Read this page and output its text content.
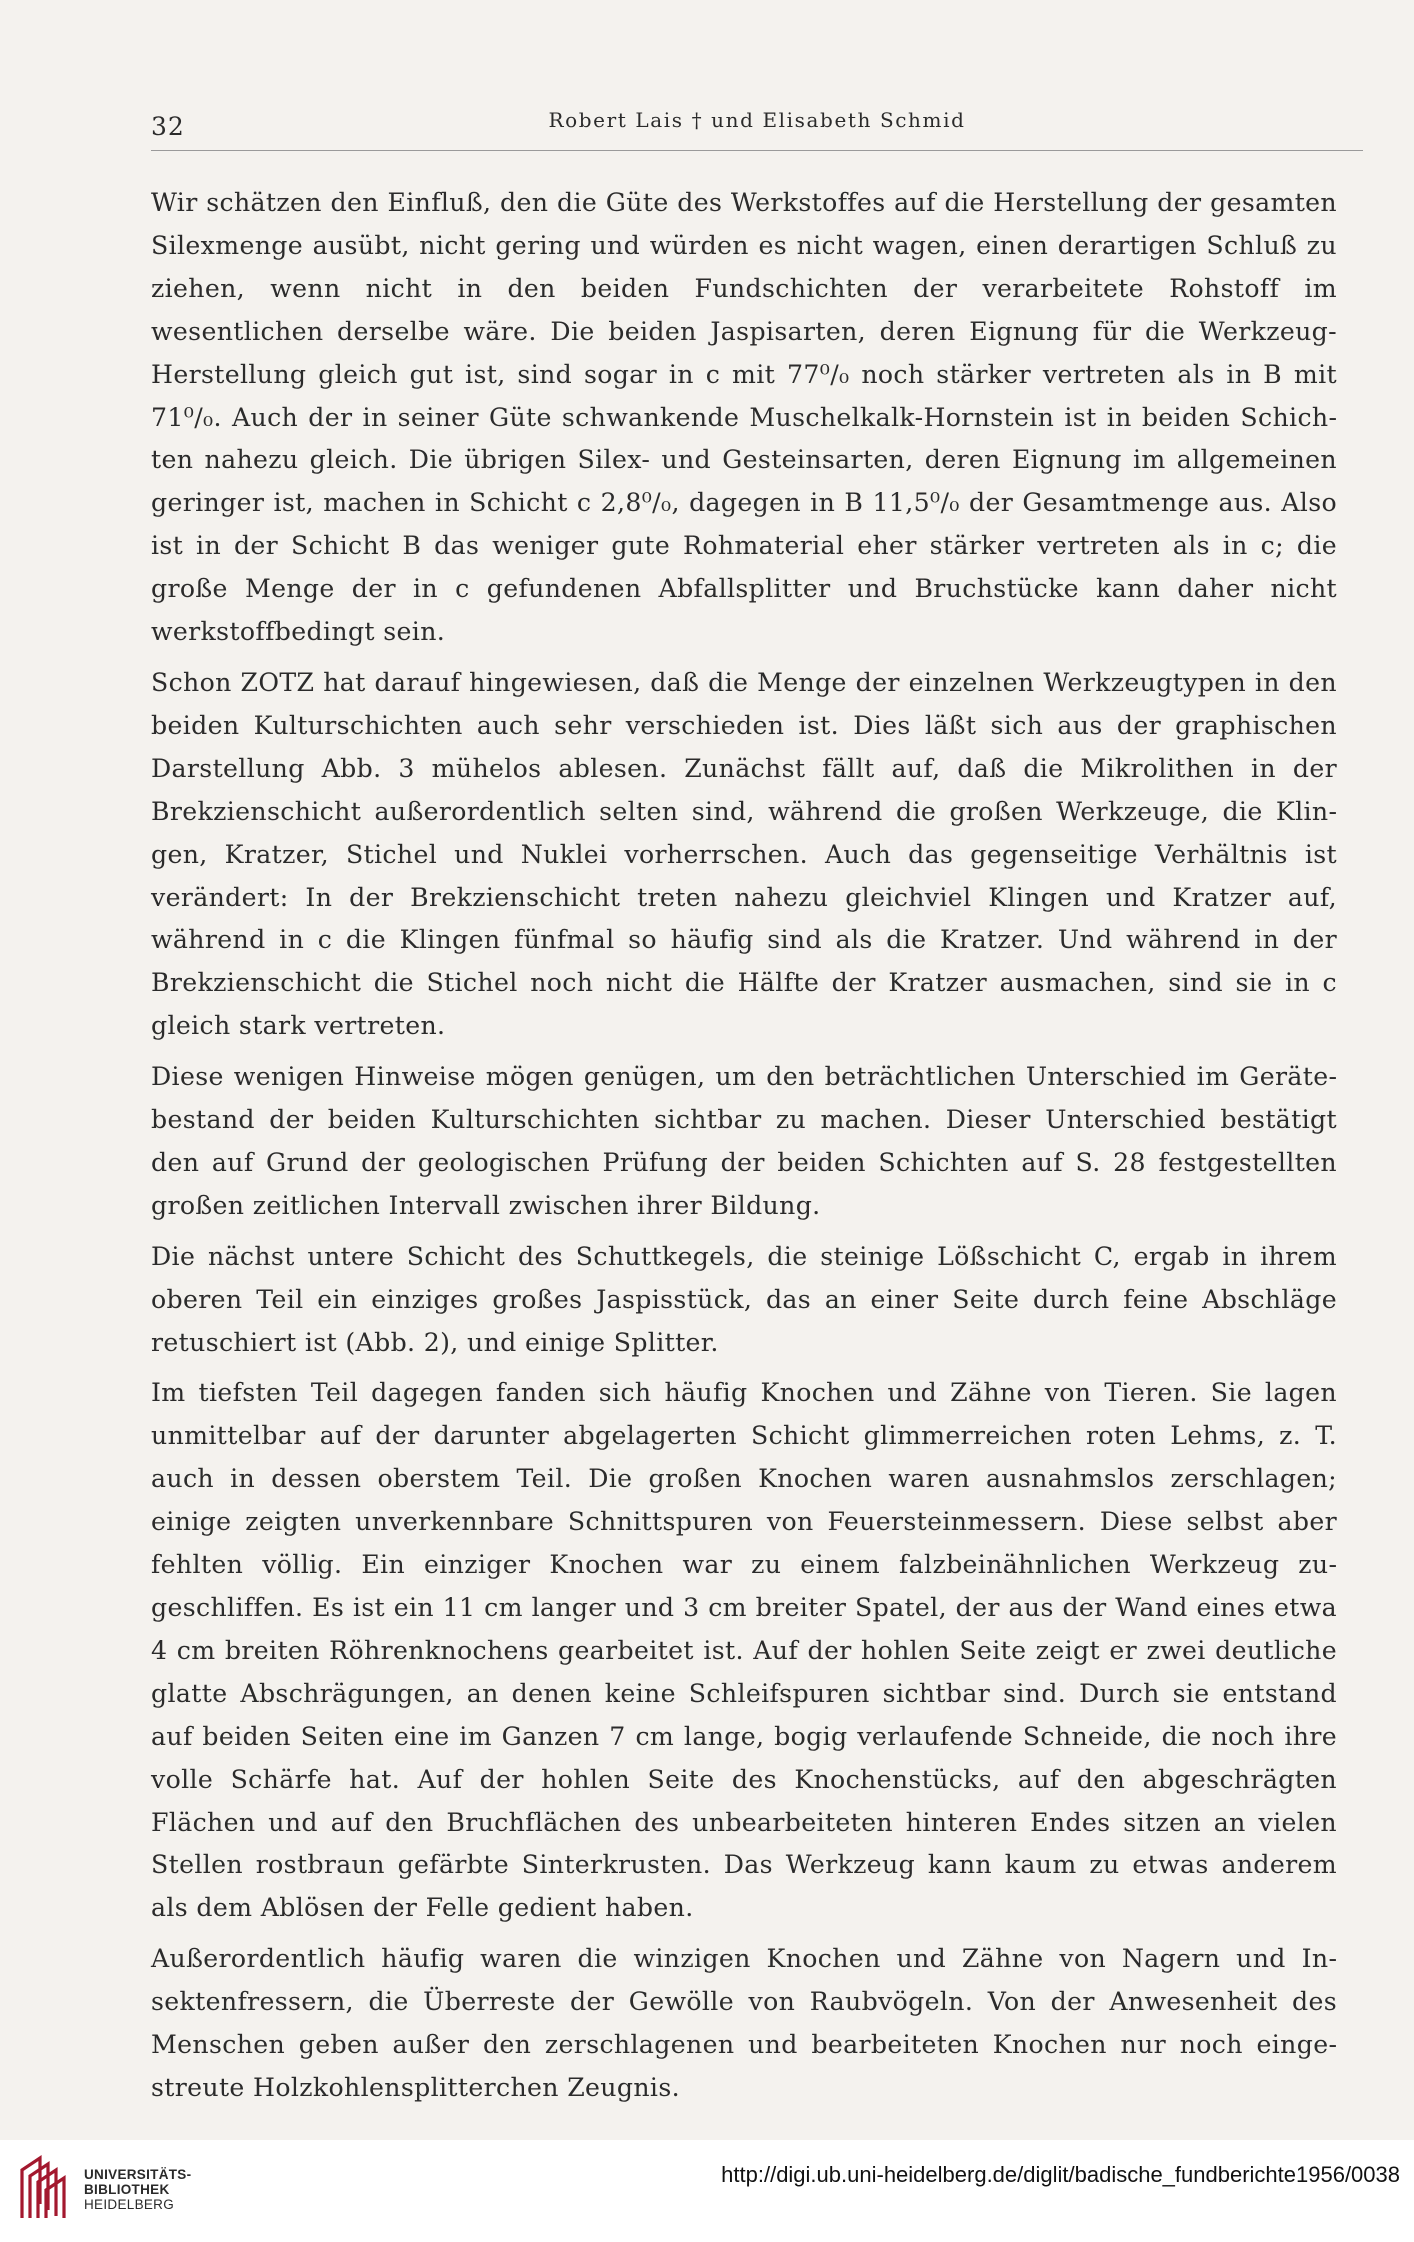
32	Robert Lais † und Elisabeth Schmid

Wir schätzen den Einfluß, den die Güte des Werkstoffes auf die Herstellung der gesamten Silexmenge ausübt, nicht gering und würden es nicht wagen, einen derartigen Schluß zu ziehen, wenn nicht in den beiden Fundschichten der verarbeitete Rohstoff im wesentlichen derselbe wäre. Die beiden Jaspisarten, deren Eignung für die Werkzeug-Herstellung gleich gut ist, sind sogar in c mit 77⁰/₀ noch stärker vertreten als in B mit 71⁰/₀. Auch der in seiner Güte schwankende Muschelkalk-Hornstein ist in beiden Schichten nahezu gleich. Die übrigen Silex- und Gesteinsarten, deren Eignung im allgemeinen geringer ist, machen in Schicht c 2,8⁰/₀, dagegen in B 11,5⁰/₀ der Gesamtmenge aus. Also ist in der Schicht B das weniger gute Rohmaterial eher stärker vertreten als in c; die große Menge der in c gefundenen Abfallsplitter und Bruchstücke kann daher nicht werkstoffbedingt sein.

Schon ZOTZ hat darauf hingewiesen, daß die Menge der einzelnen Werkzeugtypen in den beiden Kulturschichten auch sehr verschieden ist. Dies läßt sich aus der graphischen Darstellung Abb. 3 mühelos ablesen. Zunächst fällt auf, daß die Mikrolithen in der Brekzienschicht außerordentlich selten sind, während die großen Werkzeuge, die Klingen, Kratzer, Stichel und Nuklei vorherrschen. Auch das gegenseitige Verhältnis ist verändert: In der Brekzienschicht treten nahezu gleichviel Klingen und Kratzer auf, während in c die Klingen fünfmal so häufig sind als die Kratzer. Und während in der Brekzienschicht die Stichel noch nicht die Hälfte der Kratzer ausmachen, sind sie in c gleich stark vertreten.

Diese wenigen Hinweise mögen genügen, um den beträchtlichen Unterschied im Gerätebestand der beiden Kulturschichten sichtbar zu machen. Dieser Unterschied bestätigt den auf Grund der geologischen Prüfung der beiden Schichten auf S. 28 festgestellten großen zeitlichen Intervall zwischen ihrer Bildung.

Die nächst untere Schicht des Schuttkegels, die steinige Lößschicht C, ergab in ihrem oberen Teil ein einziges großes Jaspisstück, das an einer Seite durch feine Abschläge retuschiert ist (Abb. 2), und einige Splitter.

Im tiefsten Teil dagegen fanden sich häufig Knochen und Zähne von Tieren. Sie lagen unmittelbar auf der darunter abgelagerten Schicht glimmerreichen roten Lehms, z. T. auch in dessen oberstem Teil. Die großen Knochen waren ausnahmslos zerschlagen; einige zeigten unverkennbare Schnittspuren von Feuersteinmessern. Diese selbst aber fehlten völlig. Ein einziger Knochen war zu einem falzbeinähnlichen Werkzeug zugeschliffen. Es ist ein 11 cm langer und 3 cm breiter Spatel, der aus der Wand eines etwa 4 cm breiten Röhrenknochens gearbeitet ist. Auf der hohlen Seite zeigt er zwei deutliche glatte Abschrägungen, an denen keine Schleifspuren sichtbar sind. Durch sie entstand auf beiden Seiten eine im Ganzen 7 cm lange, bogig verlaufende Schneide, die noch ihre volle Schärfe hat. Auf der hohlen Seite des Knochenstücks, auf den abgeschrägten Flächen und auf den Bruchflächen des unbearbeiteten hinteren Endes sitzen an vielen Stellen rostbraun gefärbte Sinterkrusten. Das Werkzeug kann kaum zu etwas anderem als dem Ablösen der Felle gedient haben.

Außerordentlich häufig waren die winzigen Knochen und Zähne von Nagern und Insektenfressern, die Überreste der Gewölle von Raubvögeln. Von der Anwesenheit des Menschen geben außer den zerschlagenen und bearbeiteten Knochen nur noch eingestreute Holzkohlensplitterchen Zeugnis.

UNIVERSITÄTS-
BIBLIOTHEK
HEIDELBERG
http://digi.ub.uni-heidelberg.de/diglit/badische_fundberichte1956/0038
